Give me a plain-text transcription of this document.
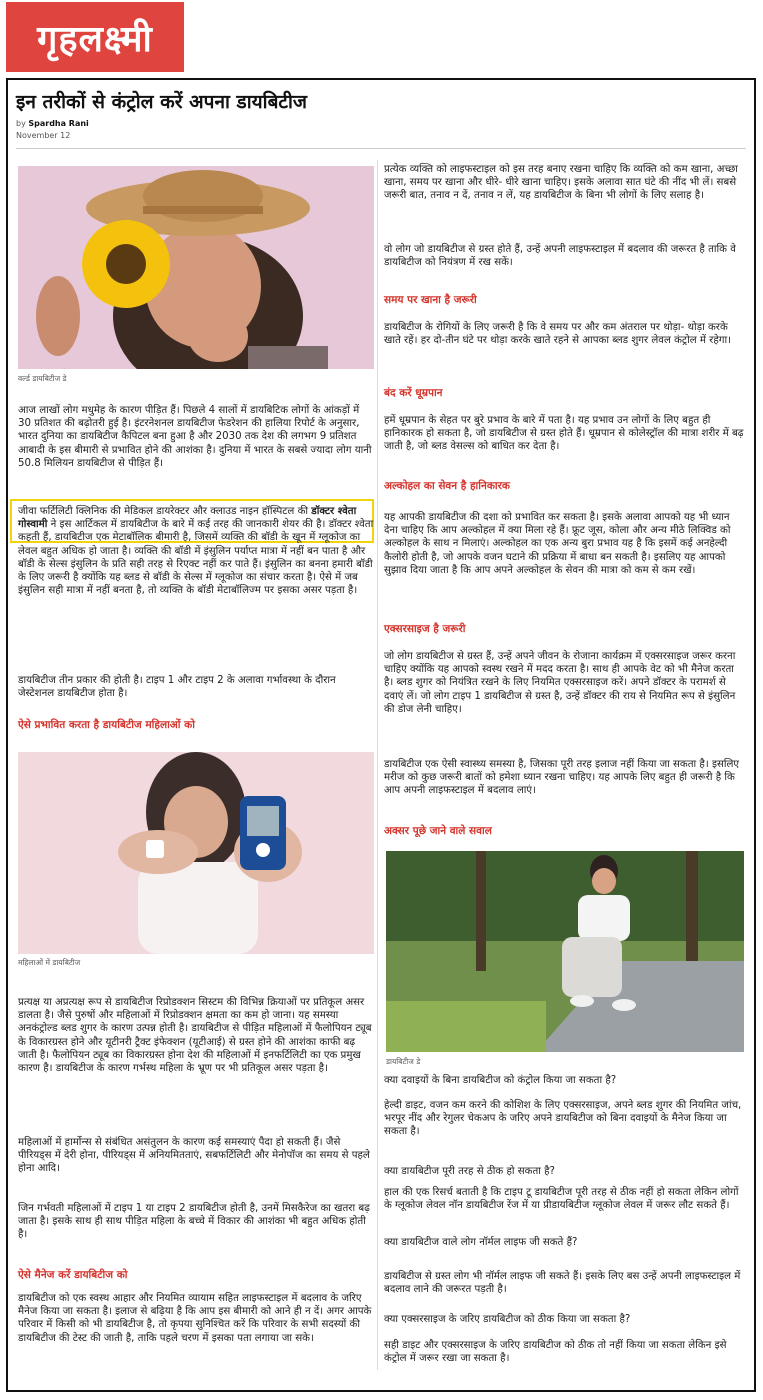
गृहलक्ष्मी
इन तरीकों से कंट्रोल करें अपना डायबिटीज
by Spardha Rani
November 12
वर्ल्ड डायबिटीज डे

आज लाखों लोग मधुमेह के कारण पीड़ित हैं। पिछले 4 सालों में डायबिटिक लोगों के आंकड़ों में 30 प्रतिशत की बढ़ोतरी हुई है। इंटरनेशनल डायबिटीज फेडरेशन की हालिया रिपोर्ट के अनुसार, भारत दुनिया का डायबिटीज कैपिटल बना हुआ है और 2030 तक देश की लगभग 9 प्रतिशत आबादी के इस बीमारी से प्रभावित होने की आशंका है। दुनिया में भारत के सबसे ज्यादा लोग यानी 50.8 मिलियन डायबिटीज से पीड़ित हैं।

जीवा फर्टिलिटी क्लिनिक की मेडिकल डायरेक्टर और क्लाउड नाइन हॉस्पिटल की डॉक्टर श्वेता गोस्वामी ने इस आर्टिकल में डायबिटीज के बारे में कई तरह की जानकारी शेयर की है। डॉक्टर श्वेता कहती हैं, डायबिटीज एक मेटाबॉलिक बीमारी है, जिसमें व्यक्ति की बॉडी के खून में ग्लूकोज का लेवल बहुत अधिक हो जाता है। व्यक्ति की बॉडी में इंसुलिन पर्याप्त मात्रा में नहीं बन पाता है और बॉडी के सेल्स इंसुलिन के प्रति सही तरह से रिएक्ट नहीं कर पाते हैं। इंसुलिन का बनना हमारी बॉडी के लिए जरूरी है क्योंकि यह ब्लड से बॉडी के सेल्स में ग्लूकोज का संचार करता है। ऐसे में जब इंसुलिन सही मात्रा में नहीं बनता है, तो व्यक्ति के बॉडी मेटाबॉलिज्म पर इसका असर पड़ता है।

डायबिटीज तीन प्रकार की होती है। टाइप 1 और टाइप 2 के अलावा गर्भावस्था के दौरान जेस्टेशनल डायबिटीज होता है।

ऐसे प्रभावित करता है डायबिटीज महिलाओं को
महिलाओं में डायबिटीज

प्रत्यक्ष या अप्रत्यक्ष रूप से डायबिटीज रिप्रोडक्शन सिस्टम की विभिन्न क्रियाओं पर प्रतिकूल असर डालता है। जैसे पुरुषों और महिलाओं में रिप्रोडक्शन क्षमता का कम हो जाना। यह समस्या अनकंट्रोल्ड ब्लड शुगर के कारण उत्पन्न होती है। डायबिटीज से पीड़ित महिलाओं में फैलोपियन ट्यूब के विकारग्रस्त होने और यूटीनरी ट्रैक्ट इंफेक्शन (यूटीआई) से ग्रस्त होने की आशंका काफी बढ़ जाती है। फैलोपियन ट्यूब का विकारग्रस्त होना देश की महिलाओं में इनफर्टिलिटी का एक प्रमुख कारण है। डायबिटीज के कारण गर्भस्थ महिला के भ्रूण पर भी प्रतिकूल असर पड़ता है।

महिलाओं में हार्मोन्स से संबंधित असंतुलन के कारण कई समस्याएं पैदा हो सकती हैं। जैसे पीरियड्स में देरी होना, पीरियड्स में अनियमितताएं, सबफर्टिलिटी और मेनोपॉज का समय से पहले होना आदि।

जिन गर्भवती महिलाओं में टाइप 1 या टाइप 2 डायबिटीज होती है, उनमें मिसकैरेज का खतरा बढ़ जाता है। इसके साथ ही साथ पीड़ित महिला के बच्चे में विकार की आशंका भी बहुत अधिक होती है।

ऐसे मैनेज करें डायबिटीज को

डायबिटीज को एक स्वस्थ आहार और नियमित व्यायाम सहित लाइफस्टाइल में बदलाव के जरिए मैनेज किया जा सकता है। इलाज से बढ़िया है कि आप इस बीमारी को आने ही न दें। अगर आपके परिवार में किसी को भी डायबिटीज है, तो कृपया सुनिश्चित करें कि परिवार के सभी सदस्यों की डायबिटीज की टेस्ट की जाती है, ताकि पहले चरण में इसका पता लगाया जा सके।

प्रत्येक व्यक्ति को लाइफस्टाइल को इस तरह बनाए रखना चाहिए कि व्यक्ति को कम खाना, अच्छा खाना, समय पर खाना और धीरे- धीरे खाना चाहिए। इसके अलावा सात घंटे की नींद भी लें। सबसे जरूरी बात, तनाव न दें, तनाव न लें, यह डायबिटीज के बिना भी लोगों के लिए सलाह है।

वो लोग जो डायबिटीज से ग्रस्त होते हैं, उन्हें अपनी लाइफस्टाइल में बदलाव की जरूरत है ताकि वे डायबिटीज को नियंत्रण में रख सकें।

समय पर खाना है जरूरी

डायबिटीज के रोगियों के लिए जरूरी है कि वे समय पर और कम अंतराल पर थोड़ा- थोड़ा करके खाते रहें। हर दो-तीन घंटे पर थोड़ा करके खाते रहने से आपका ब्लड शुगर लेवल कंट्रोल में रहेगा।

बंद करें धूम्रपान

हमें धूम्रपान के सेहत पर बुरे प्रभाव के बारे में पता है। यह प्रभाव उन लोगों के लिए बहुत ही हानिकारक हो सकता है, जो डायबिटीज से ग्रस्त होते हैं। धूम्रपान से कोलेस्ट्रॉल की मात्रा शरीर में बढ़ जाती है, जो ब्लड वेसल्स को बाधित कर देता है।

अल्कोहल का सेवन है हानिकारक

यह आपकी डायबिटीज की दशा को प्रभावित कर सकता है। इसके अलावा आपको यह भी ध्यान देना चाहिए कि आप अल्कोहल में क्या मिला रहे हैं। फ्रूट जूस, कोला और अन्य मीठे लिक्विड को अल्कोहल के साथ न मिलाएं। अल्कोहल का एक अन्य बुरा प्रभाव यह है कि इसमें कई अनहेल्दी कैलोरी होती है, जो आपके वजन घटाने की प्रक्रिया में बाधा बन सकती है। इसलिए यह आपको सुझाव दिया जाता है कि आप अपने अल्कोहल के सेवन की मात्रा को कम से कम रखें।

एक्सरसाइज है जरूरी

जो लोग डायबिटीज से ग्रस्त हैं, उन्हें अपने जीवन के रोजाना कार्यक्रम में एक्सरसाइज जरूर करना चाहिए क्योंकि यह आपको स्वस्थ रखने में मदद करता है। साथ ही आपके वेट को भी मैनेज करता है। ब्लड शुगर को नियंत्रित रखने के लिए नियमित एक्सरसाइज करें। अपने डॉक्टर के परामर्श से दवाएं लें। जो लोग टाइप 1 डायबिटीज से ग्रस्त है, उन्हें डॉक्टर की राय से नियमित रूप से इंसुलिन की डोज लेनी चाहिए।

डायबिटीज एक ऐसी स्वास्थ्य समस्या है, जिसका पूरी तरह इलाज नहीं किया जा सकता है। इसलिए मरीज को कुछ जरूरी बातों को हमेशा ध्यान रखना चाहिए। यह आपके लिए बहुत ही जरूरी है कि आप अपनी लाइफस्टाइल में बदलाव लाएं।

अक्सर पूछे जाने वाले सवाल
डायबिटीज डे

क्या दवाइयों के बिना डायबिटीज को कंट्रोल किया जा सकता है?

हेल्दी डाइट, वजन कम करने की कोशिश के लिए एक्सरसाइज, अपने ब्लड शुगर की नियमित जांच, भरपूर नींद और रेगुलर चेकअप के जरिए अपने डायबिटीज को बिना दवाइयों के मैनेज किया जा सकता है।

क्या डायबिटीज पूरी तरह से ठीक हो सकता है?

हाल की एक रिसर्च बताती है कि टाइप टू डायबिटीज पूरी तरह से ठीक नहीं हो सकता लेकिन लोगों के ग्लूकोज लेवल नॉन डायबिटीज रेंज में या प्रीडायबिटीज ग्लूकोज लेवल में जरूर लौट सकते हैं।

क्या डायबिटीज वाले लोग नॉर्मल लाइफ जी सकते हैं?

डायबिटीज से ग्रस्त लोग भी नॉर्मल लाइफ जी सकते हैं। इसके लिए बस उन्हें अपनी लाइफस्टाइल में बदलाव लाने की जरूरत पड़ती है।

क्या एक्सरसाइज के जरिए डायबिटीज को ठीक किया जा सकता है?

सही डाइट और एक्सरसाइज के जरिए डायबिटीज को ठीक तो नहीं किया जा सकता लेकिन इसे कंट्रोल में जरूर रखा जा सकता है।
